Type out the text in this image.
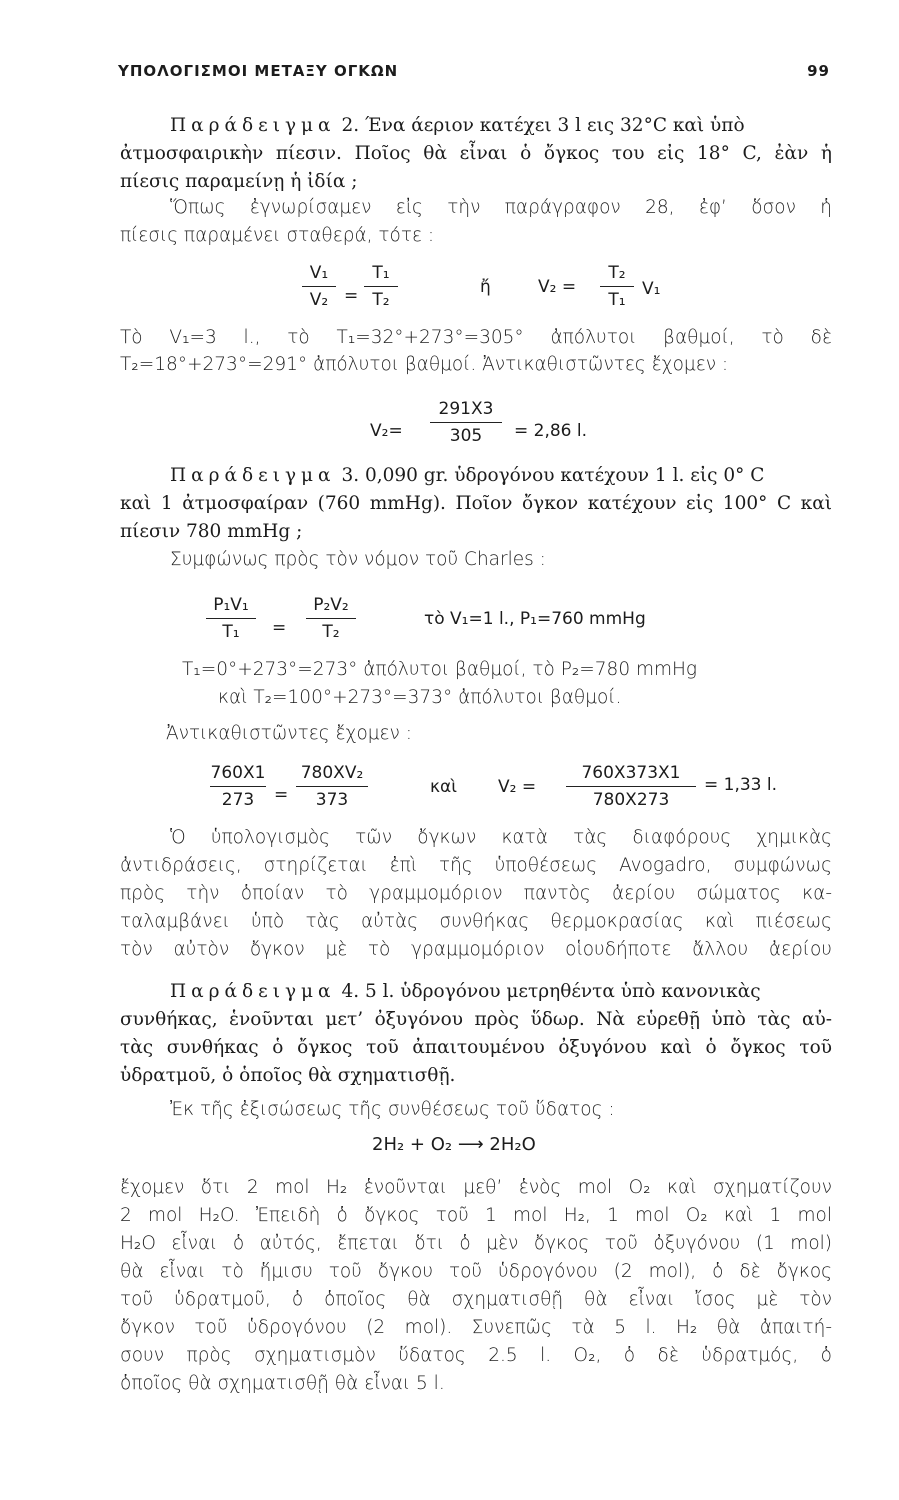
ΥΠΟΛΟΓΙΣΜΟΙ ΜΕΤΑΞΥ ΟΓΚΩΝ	99
Παράδειγμα 2. Ένα άεριον κατέχει 3 l εις 32°C καὶ ὑπὸ
ἀτμοσφαιρικὴν πίεσιν. Ποῖος θὰ εἶναι ὁ ὄγκος του εἰς 18° C, ἐὰν ἡ
πίεσις παραμείνῃ ἡ ἰδία ;
Ὅπως ἐγνωρίσαμεν εἰς τὴν παράγραφον 28, ἐφ’ ὅσον ἡ
πίεσις παραμένει σταθερά, τότε :
V₁
V₂ =
T₁
T₂
ἤ	V₂ =
T₂
T₁
V₁
Τὸ V₁=3 l., τὸ T₁=32°+273°=305° ἀπόλυτοι βαθμοί, τὸ δὲ
T₂=18°+273°=291° ἀπόλυτοι βαθμοί. Ἀντικαθιστῶντες ἔχομεν :
V₂=
291X3
305	= 2,86 l.
Παράδειγμα 3. 0,090 gr. ὑδρογόνου κατέχουν 1 l. εἰς 0° C
καὶ 1 ἀτμοσφαίραν (760 mmHg). Ποῖον ὄγκον κατέχουν εἰς 100° C καὶ
πίεσιν 780 mmHg ;
Συμφώνως πρὸς τὸν νόμον τοῦ Charles :
P₁V₁
T₁	=
P₂V₂
T₂
τὸ V₁=1 l., P₁=760 mmHg
T₁=0°+273°=273° ἀπόλυτοι βαθμοί, τὸ P₂=780 mmHg
καὶ T₂=100°+273°=373° ἀπόλυτοι βαθμοί.
Ἀντικαθιστῶντες ἔχομεν :
760X1
273	=
780XV₂
373
καὶ V₂ =
760X373X1
780X273
= 1,33 l.
Ὁ ὑπολογισμὸς τῶν ὄγκων κατὰ τὰς διαφόρους χημικὰς
ἀντιδράσεις, στηρίζεται ἐπὶ τῆς ὑποθέσεως Avogadro, συμφώνως
πρὸς τὴν ὁποίαν τὸ γραμμομόριον παντὸς ἀερίου σώματος κα-
ταλαμβάνει ὑπὸ τὰς αὐτὰς συνθήκας θερμοκρασίας καὶ πιέσεως
τὸν αὐτὸν ὄγκον μὲ τὸ γραμμομόριον οἱουδήποτε ἄλλου ἀερίου
Παράδειγμα 4. 5 l. ὑδρογόνου μετρηθέντα ὑπὸ κανονικὰς
συνθήκας, ἑνοῦνται μετ’ ὀξυγόνου πρὸς ὕδωρ. Νὰ εὑρεθῇ ὑπὸ τὰς αὐ-
τὰς συνθήκας ὁ ὄγκος τοῦ ἀπαιτουμένου ὀξυγόνου καὶ ὁ ὄγκος τοῦ
ὑδρατμοῦ, ὁ ὁποῖος θὰ σχηματισθῇ.
Ἐκ τῆς ἐξισώσεως τῆς συνθέσεως τοῦ ὕδατος :
2H₂ + O₂ ⟶ 2H₂O
ἔχομεν ὅτι 2 mol H₂ ἑνοῦνται μεθ’ ἑνὸς mol O₂ καὶ σχηματίζουν
2 mol H₂O. Ἐπειδὴ ὁ ὄγκος τοῦ 1 mol H₂, 1 mol O₂ καὶ 1 mol
H₂O εἶναι ὁ αὐτός, ἔπεται ὅτι ὁ μὲν ὄγκος τοῦ ὀξυγόνου (1 mol)
θὰ εἶναι τὸ ἥμισυ τοῦ ὄγκου τοῦ ὑδρογόνου (2 mol), ὁ δὲ ὄγκος
τοῦ ὑδρατμοῦ, ὁ ὁποῖος θὰ σχηματισθῇ θὰ εἶναι ἴσος μὲ τὸν
ὄγκον τοῦ ὑδρογόνου (2 mol). Συνεπῶς τὰ 5 l. H₂ θὰ ἀπαιτή-
σουν πρὸς σχηματισμὸν ὕδατος 2.5 l. O₂, ὁ δὲ ὑδρατμός, ὁ
ὁποῖος θὰ σχηματισθῇ θὰ εἶναι 5 l.
